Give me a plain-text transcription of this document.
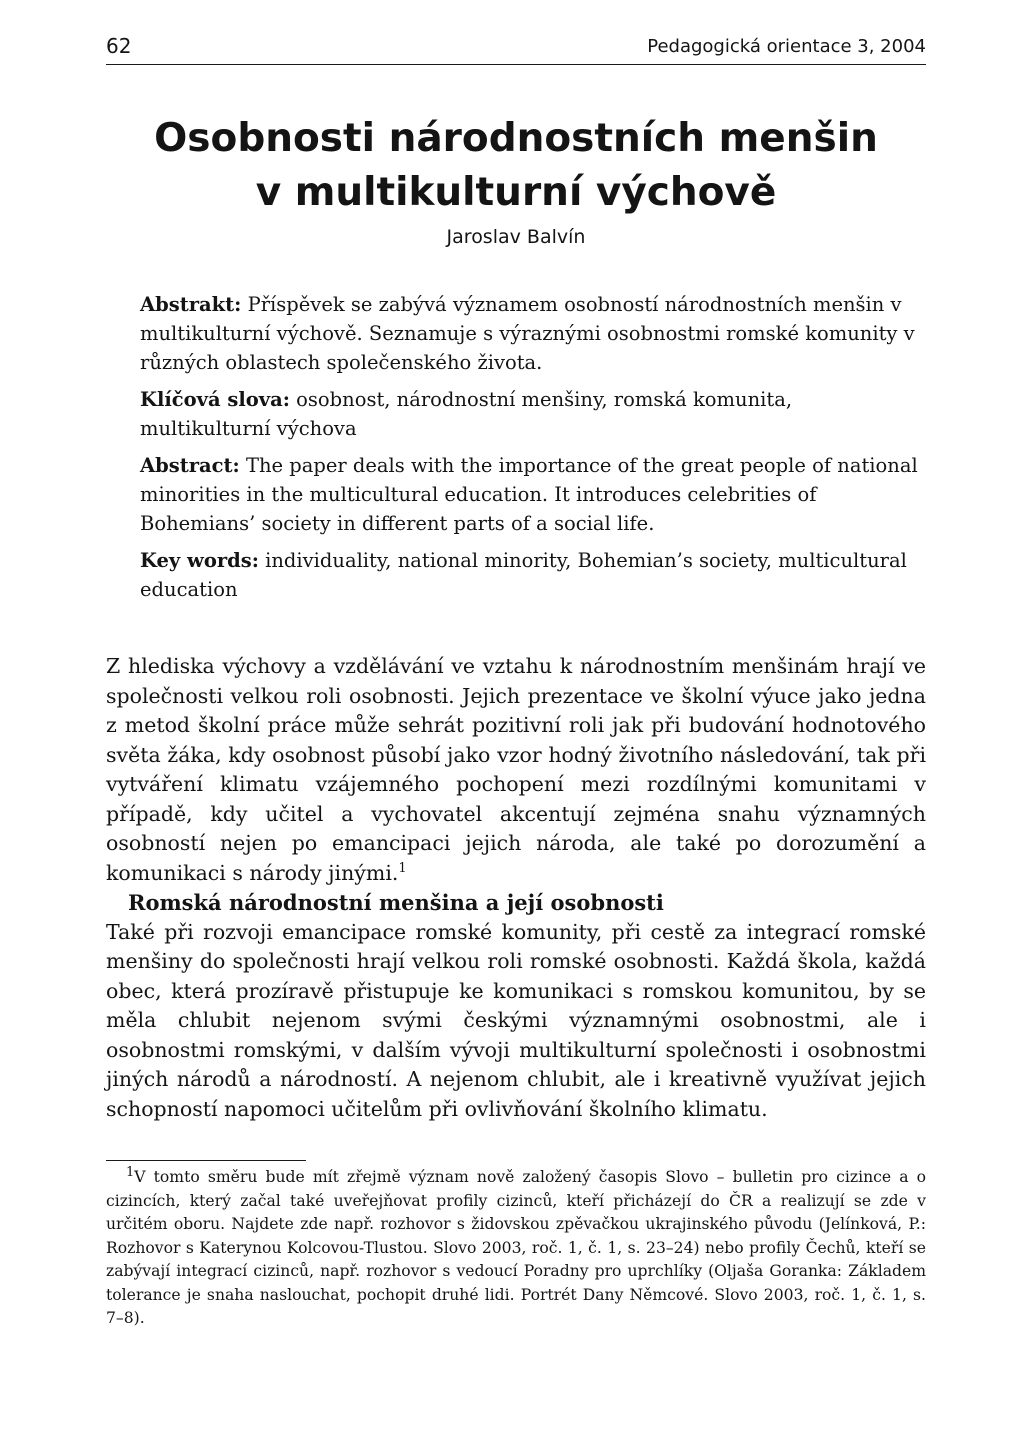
62	Pedagogická orientace 3, 2004
Osobnosti národnostních menšin
v multikulturní výchově
Jaroslav Balvín

Abstrakt: Příspěvek se zabývá významem osobností národnostních menšin v multikulturní výchově. Seznamuje s výraznými osobnostmi romské komunity v různých oblastech společenského života.

Klíčová slova: osobnost, národnostní menšiny, romská komunita, multikulturní výchova

Abstract: The paper deals with the importance of the great people of national minorities in the multicultural education. It introduces celebrities of Bohemians’ society in different parts of a social life.

Key words: individuality, national minority, Bohemian’s society, multicultural education

Z hlediska výchovy a vzdělávání ve vztahu k národnostním menšinám hrají ve společnosti velkou roli osobnosti. Jejich prezentace ve školní výuce jako jedna z metod školní práce může sehrát pozitivní roli jak při budování hodnotového světa žáka, kdy osobnost působí jako vzor hodný životního následování, tak při vytváření klimatu vzájemného pochopení mezi rozdílnými komunitami v případě, kdy učitel a vychovatel akcentují zejména snahu významných osobností nejen po emancipaci jejich národa, ale také po dorozumění a komunikaci s národy jinými.$^1$

Romská národnostní menšina a její osobnosti

Také při rozvoji emancipace romské komunity, při cestě za integrací romské menšiny do společnosti hrají velkou roli romské osobnosti. Každá škola, každá obec, která prozíravě přistupuje ke komunikaci s romskou komunitou, by se měla chlubit nejenom svými českými významnými osobnostmi, ale i osobnostmi romskými, v dalším vývoji multikulturní společnosti i osobnostmi jiných národů a národností. A nejenom chlubit, ale i kreativně využívat jejich schopností napomoci učitelům při ovlivňování školního klimatu.

$^1$V tomto směru bude mít zřejmě význam nově založený časopis Slovo – bulletin pro cizince a o cizincích, který začal také uveřejňovat profily cizinců, kteří přicházejí do ČR a realizují se zde v určitém oboru. Najdete zde např. rozhovor s židovskou zpěvačkou ukrajinského původu (Jelínková, P.: Rozhovor s Katerynou Kolcovou-Tlustou. Slovo 2003, roč. 1, č. 1, s. 23–24) nebo profily Čechů, kteří se zabývají integrací cizinců, např. rozhovor s vedoucí Poradny pro uprchlíky (Oljaša Goranka: Základem tolerance je snaha naslouchat, pochopit druhé lidi. Portrét Dany Němcové. Slovo 2003, roč. 1, č. 1, s. 7–8).
